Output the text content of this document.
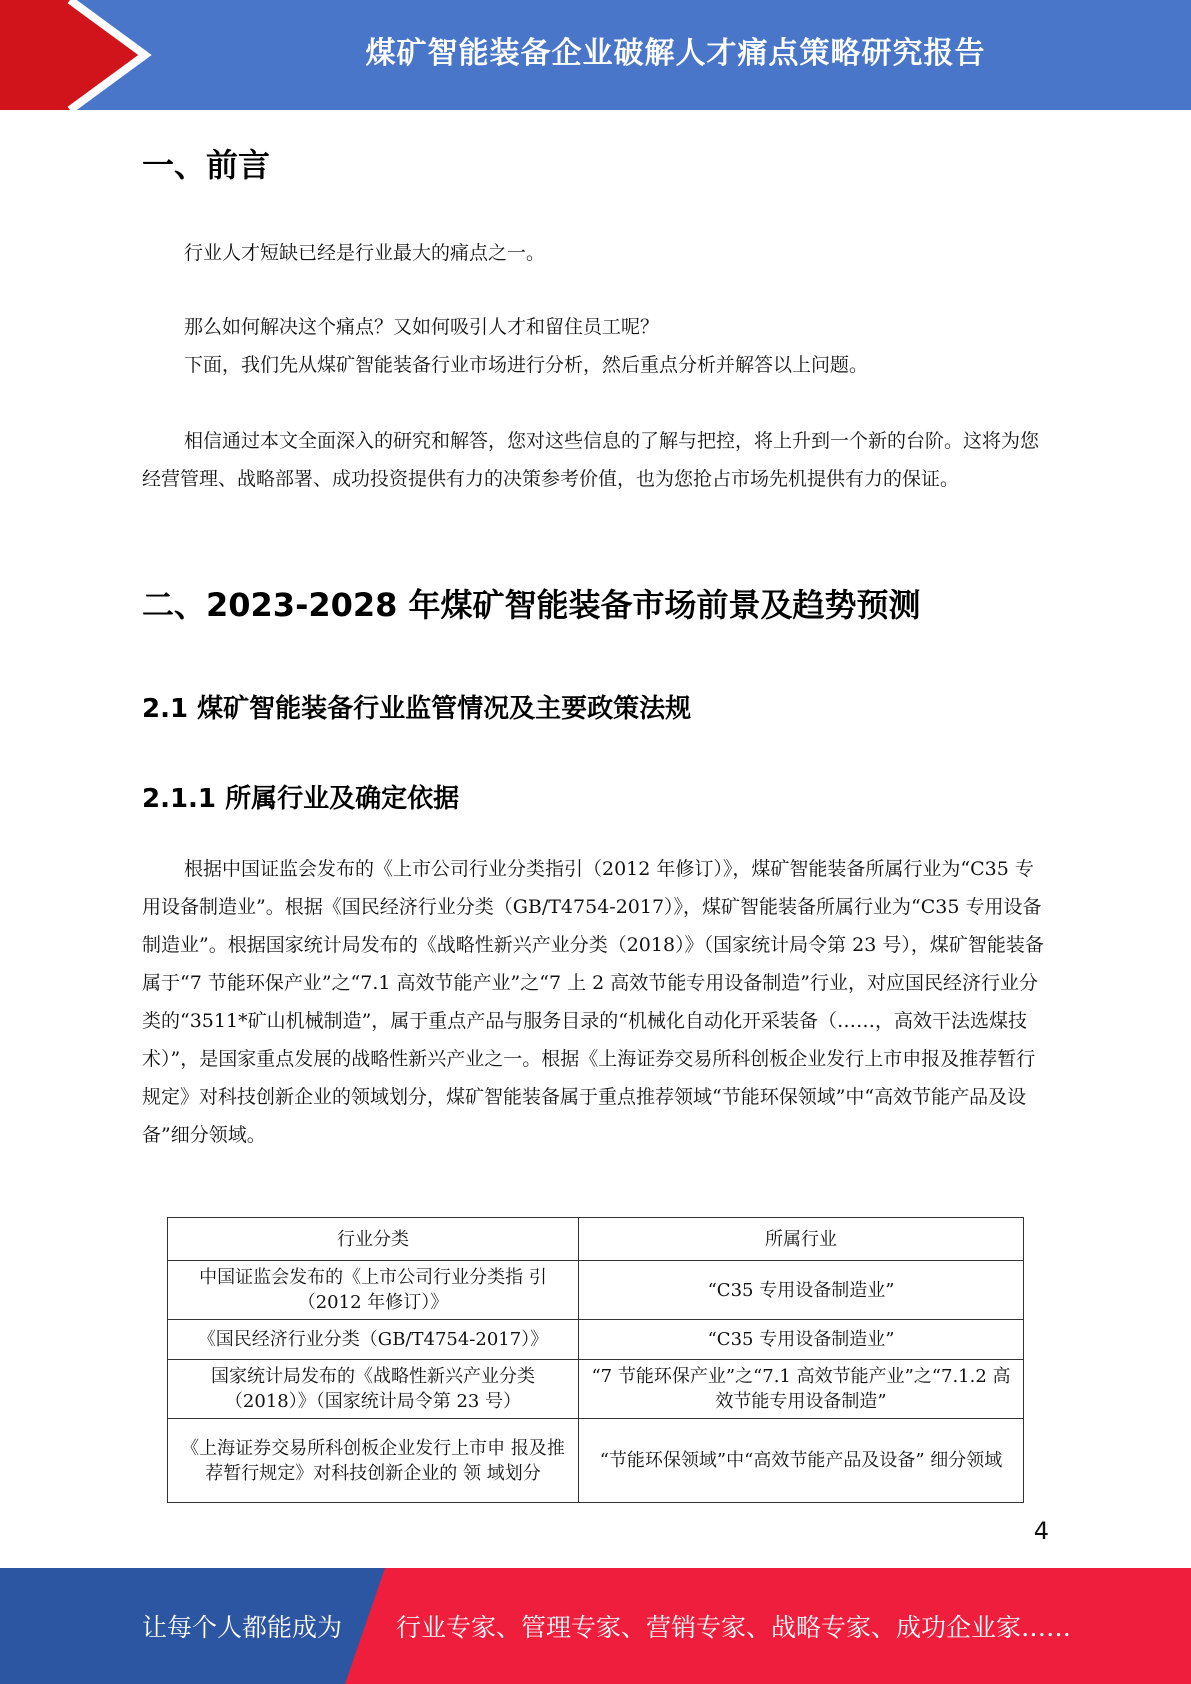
煤矿智能装备企业破解人才痛点策略研究报告
一、前言
行业人才短缺已经是行业最大的痛点之一。
那么如何解决这个痛点？又如何吸引人才和留住员工呢？
下面，我们先从煤矿智能装备行业市场进行分析，然后重点分析并解答以上问题。
相信通过本文全面深入的研究和解答，您对这些信息的了解与把控，将上升到一个新的台阶。这将为您经营管理、战略部署、成功投资提供有力的决策参考价值，也为您抢占市场先机提供有力的保证。
二、2023-2028 年煤矿智能装备市场前景及趋势预测
2.1 煤矿智能装备行业监管情况及主要政策法规
2.1.1 所属行业及确定依据
根据中国证监会发布的《上市公司行业分类指引（2012 年修订）》，煤矿智能装备所属行业为“C35 专用设备制造业”。根据《国民经济行业分类（GB/T4754-2017）》，煤矿智能装备所属行业为“C35 专用设备制造业”。根据国家统计局发布的《战略性新兴产业分类（2018）》（国家统计局令第 23 号），煤矿智能装备属于“7 节能环保产业”之“7.1 高效节能产业”之“7 上 2 高效节能专用设备制造”行业，对应国民经济行业分类的“3511*矿山机械制造”，属于重点产品与服务目录的“机械化自动化开采装备（……，高效干法选煤技术）”，是国家重点发展的战略性新兴产业之一。根据《上海证券交易所科创板企业发行上市申报及推荐暂行规定》对科技创新企业的领域划分，煤矿智能装备属于重点推荐领域“节能环保领域”中“高效节能产品及设备”细分领域。
行业分类	所属行业
中国证监会发布的《上市公司行业分类指 引（2012 年修订）》	“C35 专用设备制造业”
《国民经济行业分类（GB/T4754-2017）》	“C35 专用设备制造业”
国家统计局发布的《战略性新兴产业分类（2018）》（国家统计局令第 23 号）	“7 节能环保产业”之“7.1 高效节能产业”之“7.1.2 高效节能专用设备制造”
《上海证券交易所科创板企业发行上市申 报及推荐暂行规定》对科技创新企业的 领 域划分	“节能环保领域”中“高效节能产品及设备” 细分领域
4
让每个人都能成为 行业专家、管理专家、营销专家、战略专家、成功企业家……
